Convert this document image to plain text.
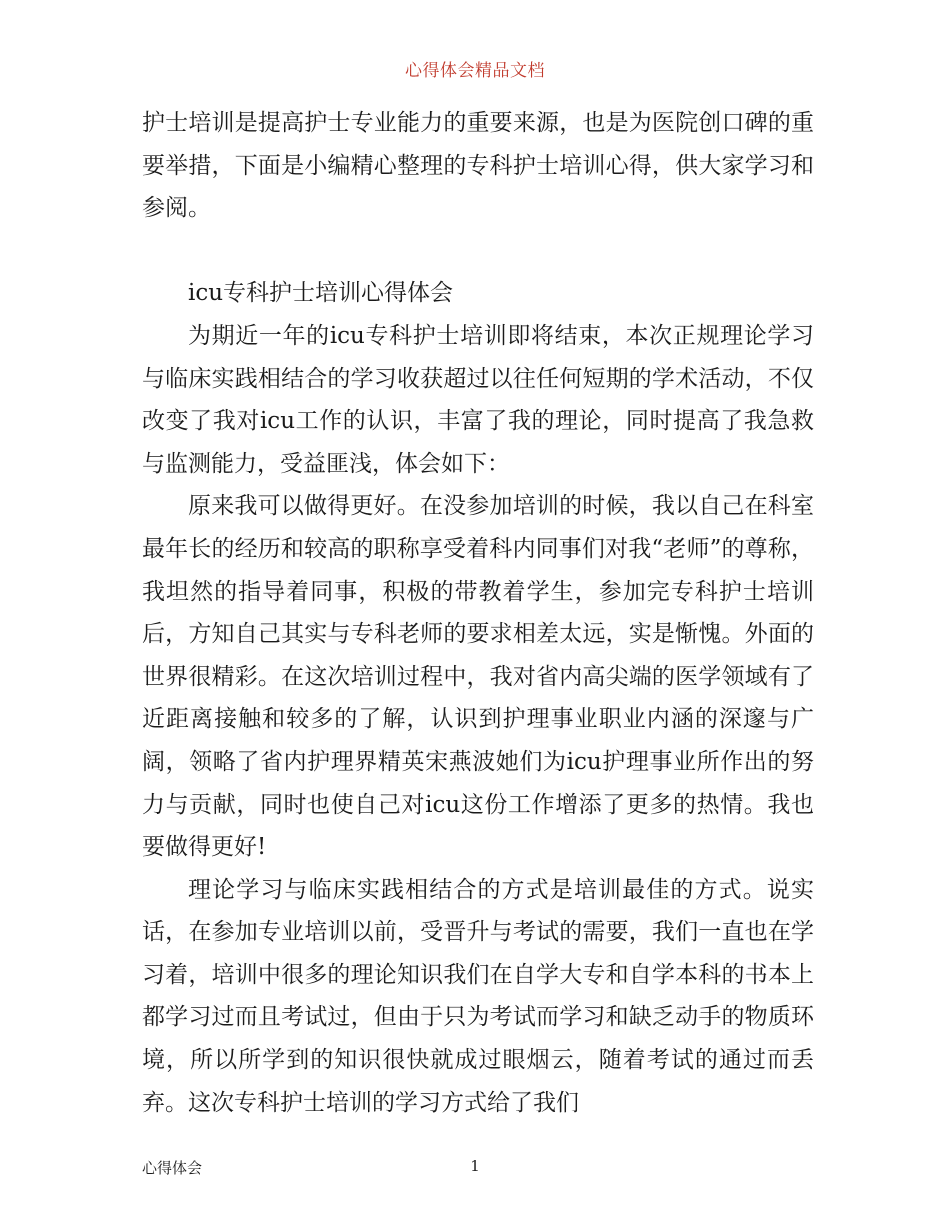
心得体会精品文档

护士培训是提高护士专业能力的重要来源，也是为医院创口碑的重要举措，下面是小编精心整理的专科护士培训心得，供大家学习和参阅。

icu专科护士培训心得体会

为期近一年的icu专科护士培训即将结束，本次正规理论学习与临床实践相结合的学习收获超过以往任何短期的学术活动，不仅改变了我对icu工作的认识，丰富了我的理论，同时提高了我急救与监测能力，受益匪浅，体会如下：

原来我可以做得更好。在没参加培训的时候，我以自己在科室最年长的经历和较高的职称享受着科内同事们对我“老师”的尊称，我坦然的指导着同事，积极的带教着学生，参加完专科护士培训后，方知自己其实与专科老师的要求相差太远，实是惭愧。外面的世界很精彩。在这次培训过程中，我对省内高尖端的医学领域有了近距离接触和较多的了解，认识到护理事业职业内涵的深邃与广阔，领略了省内护理界精英宋燕波她们为icu护理事业所作出的努力与贡献，同时也使自己对icu这份工作增添了更多的热情。我也要做得更好!

理论学习与临床实践相结合的方式是培训最佳的方式。说实话，在参加专业培训以前，受晋升与考试的需要，我们一直也在学习着，培训中很多的理论知识我们在自学大专和自学本科的书本上都学习过而且考试过，但由于只为考试而学习和缺乏动手的物质环境，所以所学到的知识很快就成过眼烟云，随着考试的通过而丢弃。这次专科护士培训的学习方式给了我们

心得体会	1
